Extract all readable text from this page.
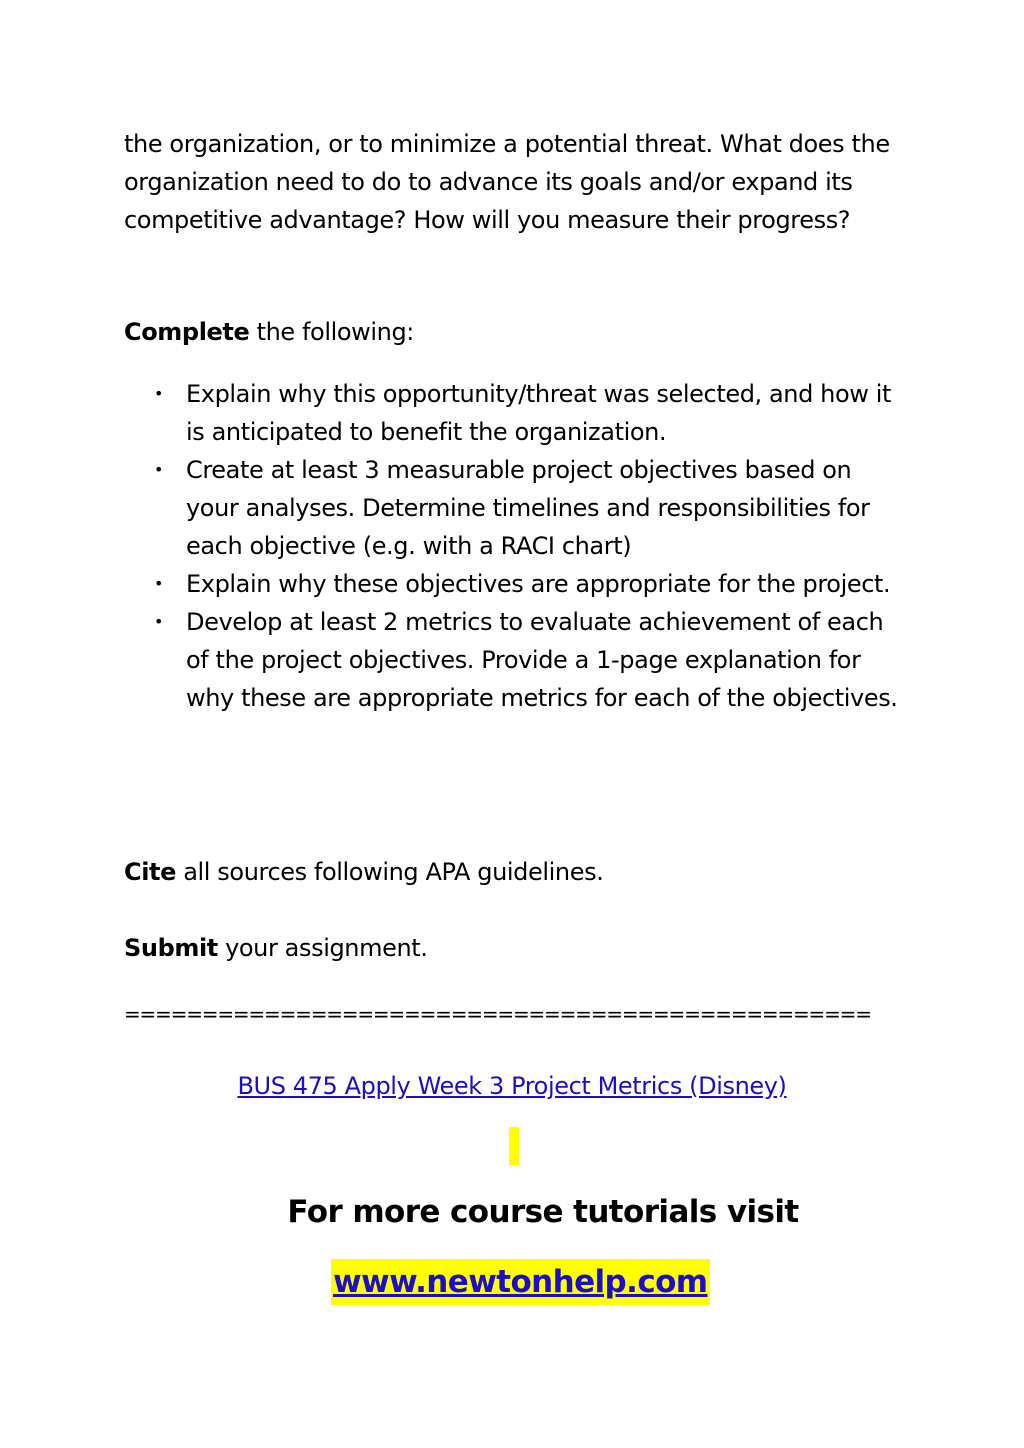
the organization, or to minimize a potential threat. What does the organization need to do to advance its goals and/or expand its competitive advantage? How will you measure their progress?

Complete the following:

• Explain why this opportunity/threat was selected, and how it is anticipated to benefit the organization.
• Create at least 3 measurable project objectives based on your analyses. Determine timelines and responsibilities for each objective (e.g. with a RACI chart)
• Explain why these objectives are appropriate for the project.
• Develop at least 2 metrics to evaluate achievement of each of the project objectives. Provide a 1-page explanation for why these are appropriate metrics for each of the objectives.

Cite all sources following APA guidelines.

Submit your assignment.

================================================

BUS 475 Apply Week 3 Project Metrics (Disney)
For more course tutorials visit
www.newtonhelp.com
